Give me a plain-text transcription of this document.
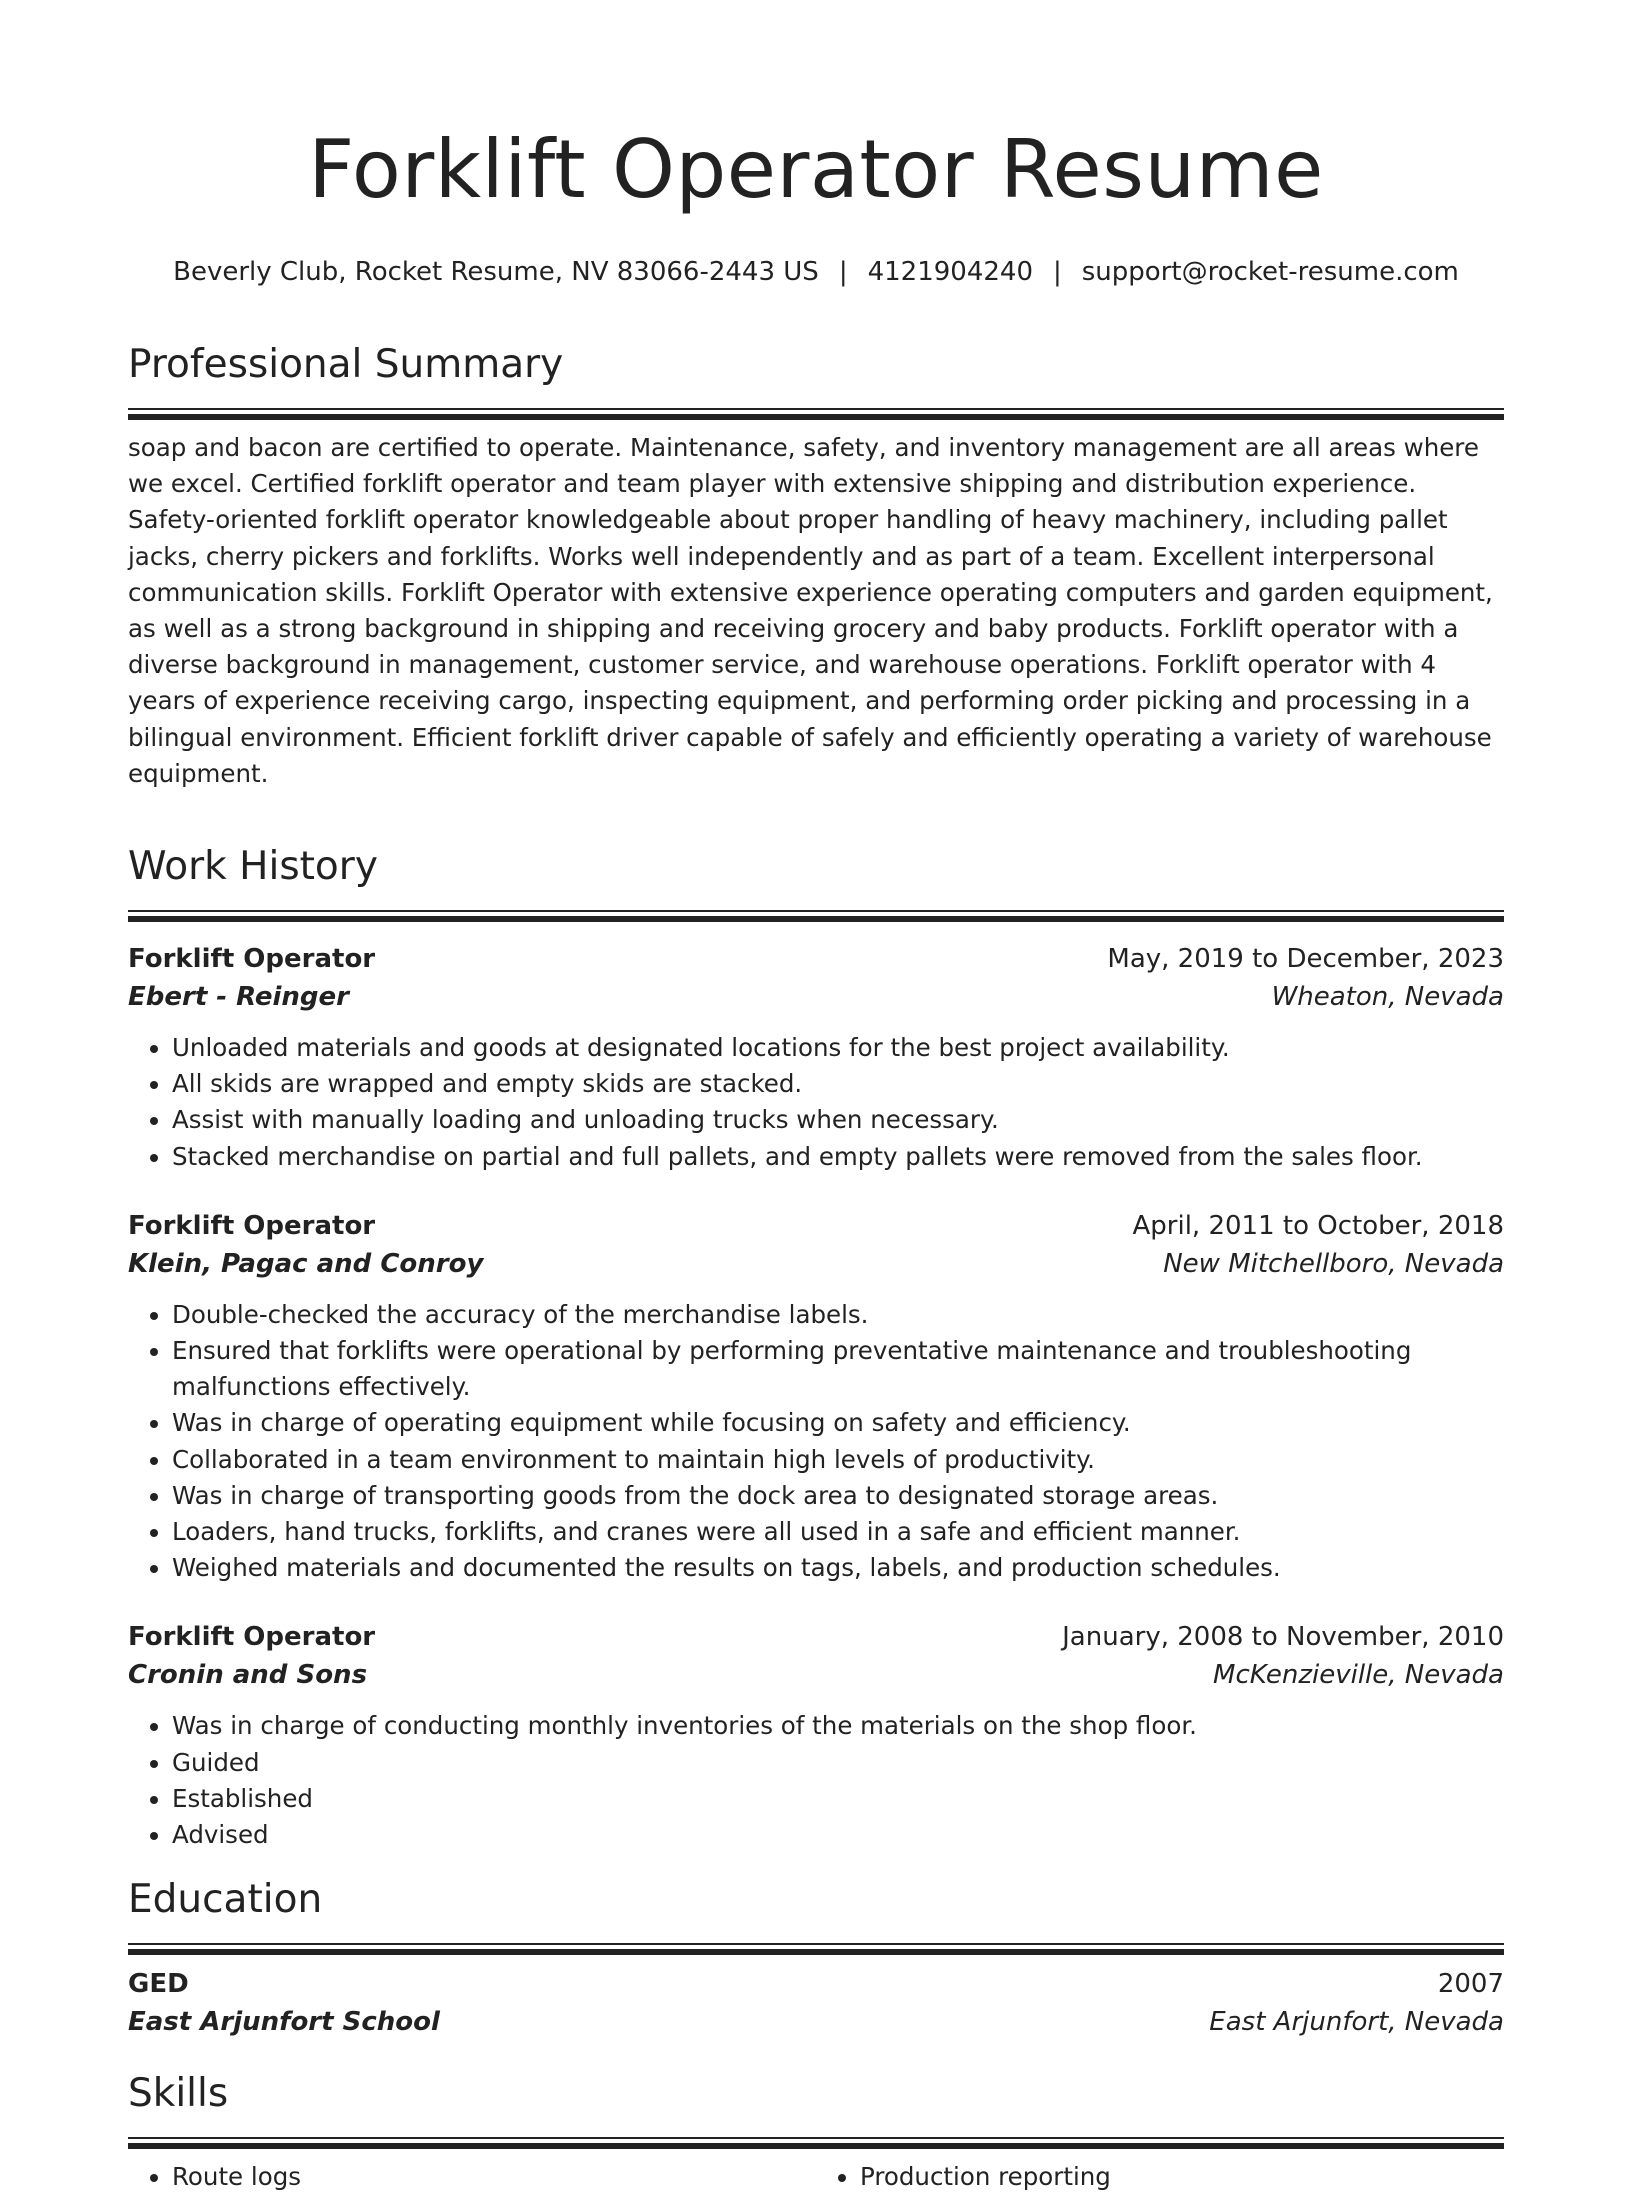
Forklift Operator Resume
Beverly Club, Rocket Resume, NV 83066-2443 US | 4121904240 | support@rocket-resume.com
Professional Summary
soap and bacon are certified to operate. Maintenance, safety, and inventory management are all areas where we excel. Certified forklift operator and team player with extensive shipping and distribution experience. Safety-oriented forklift operator knowledgeable about proper handling of heavy machinery, including pallet jacks, cherry pickers and forklifts. Works well independently and as part of a team. Excellent interpersonal communication skills. Forklift Operator with extensive experience operating computers and garden equipment, as well as a strong background in shipping and receiving grocery and baby products. Forklift operator with a diverse background in management, customer service, and warehouse operations. Forklift operator with 4 years of experience receiving cargo, inspecting equipment, and performing order picking and processing in a bilingual environment. Efficient forklift driver capable of safely and efficiently operating a variety of warehouse equipment.
Work History
Forklift Operator	May, 2019 to December, 2023
Ebert - Reinger	Wheaton, Nevada
• Unloaded materials and goods at designated locations for the best project availability.
• All skids are wrapped and empty skids are stacked.
• Assist with manually loading and unloading trucks when necessary.
• Stacked merchandise on partial and full pallets, and empty pallets were removed from the sales floor.
Forklift Operator	April, 2011 to October, 2018
Klein, Pagac and Conroy	New Mitchellboro, Nevada
• Double-checked the accuracy of the merchandise labels.
• Ensured that forklifts were operational by performing preventative maintenance and troubleshooting malfunctions effectively.
• Was in charge of operating equipment while focusing on safety and efficiency.
• Collaborated in a team environment to maintain high levels of productivity.
• Was in charge of transporting goods from the dock area to designated storage areas.
• Loaders, hand trucks, forklifts, and cranes were all used in a safe and efficient manner.
• Weighed materials and documented the results on tags, labels, and production schedules.
Forklift Operator	January, 2008 to November, 2010
Cronin and Sons	McKenzieville, Nevada
• Was in charge of conducting monthly inventories of the materials on the shop floor.
• Guided
• Established
• Advised
Education
GED	2007
East Arjunfort School	East Arjunfort, Nevada
Skills
• Route logs
•	Production reporting
